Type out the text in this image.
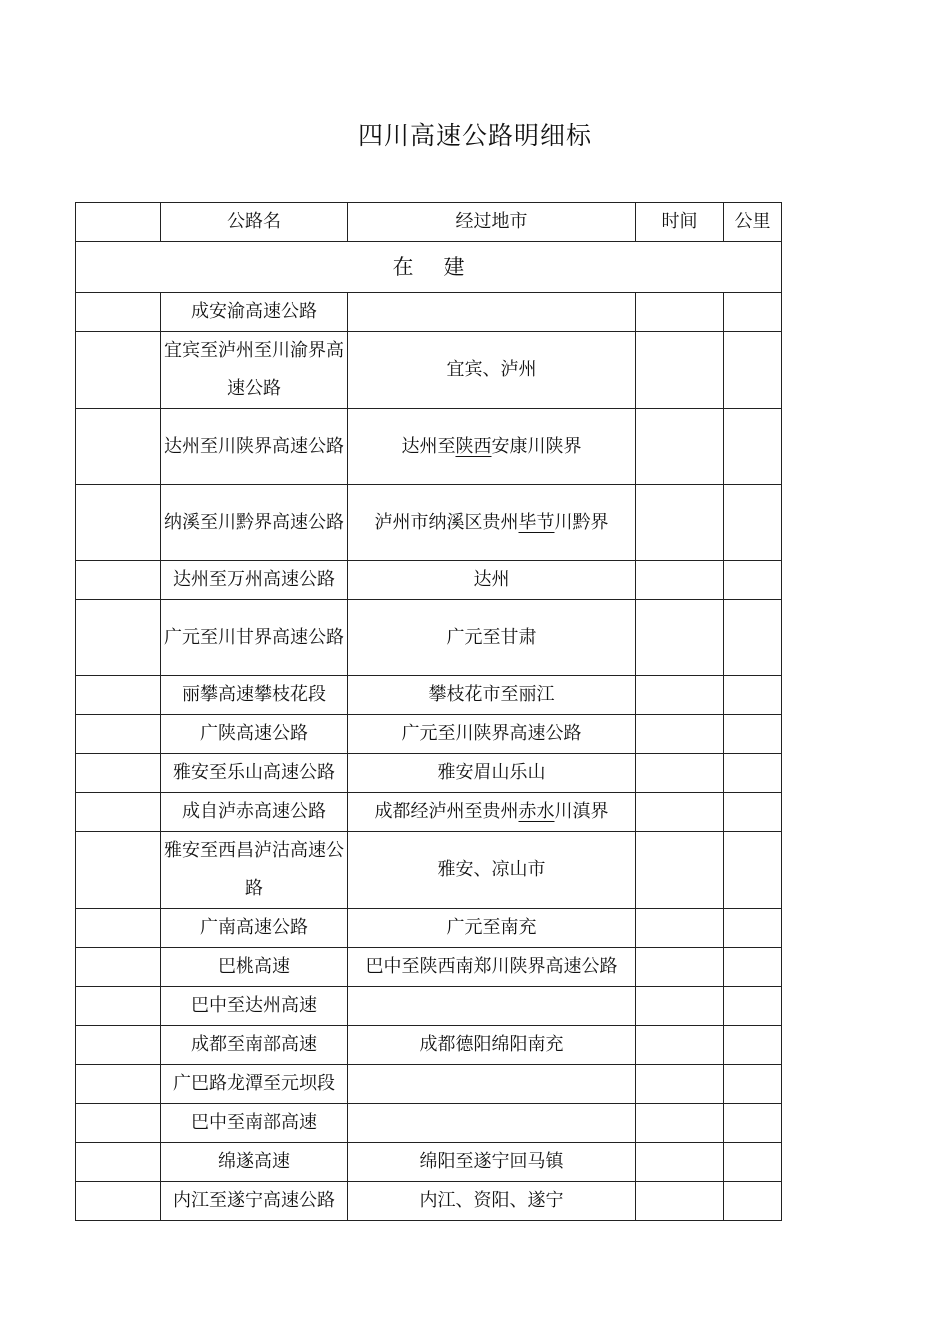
四川高速公路明细标
	公路名	经过地市	时间	公里
在 建				
	成安渝高速公路			
	宜宾至泸州至川渝界高速公路	宜宾、泸州		
	达州至川陕界高速公路	达州至陕西安康川陕界		
	纳溪至川黔界高速公路	泸州市纳溪区贵州毕节川黔界		
	达州至万州高速公路	达州		
	广元至川甘界高速公路	广元至甘肃		
	丽攀高速攀枝花段	攀枝花市至丽江		
	广陕高速公路	广元至川陕界高速公路		
	雅安至乐山高速公路	雅安眉山乐山		
	成自泸赤高速公路	成都经泸州至贵州赤水川滇界		
	雅安至西昌泸沽高速公路	雅安、凉山市		
	广南高速公路	广元至南充		
	巴桃高速	巴中至陕西南郑川陕界高速公路		
	巴中至达州高速			
	成都至南部高速	成都德阳绵阳南充		
	广巴路龙潭至元坝段			
	巴中至南部高速			
	绵遂高速	绵阳至遂宁回马镇		
	内江至遂宁高速公路	内江、资阳、遂宁		
